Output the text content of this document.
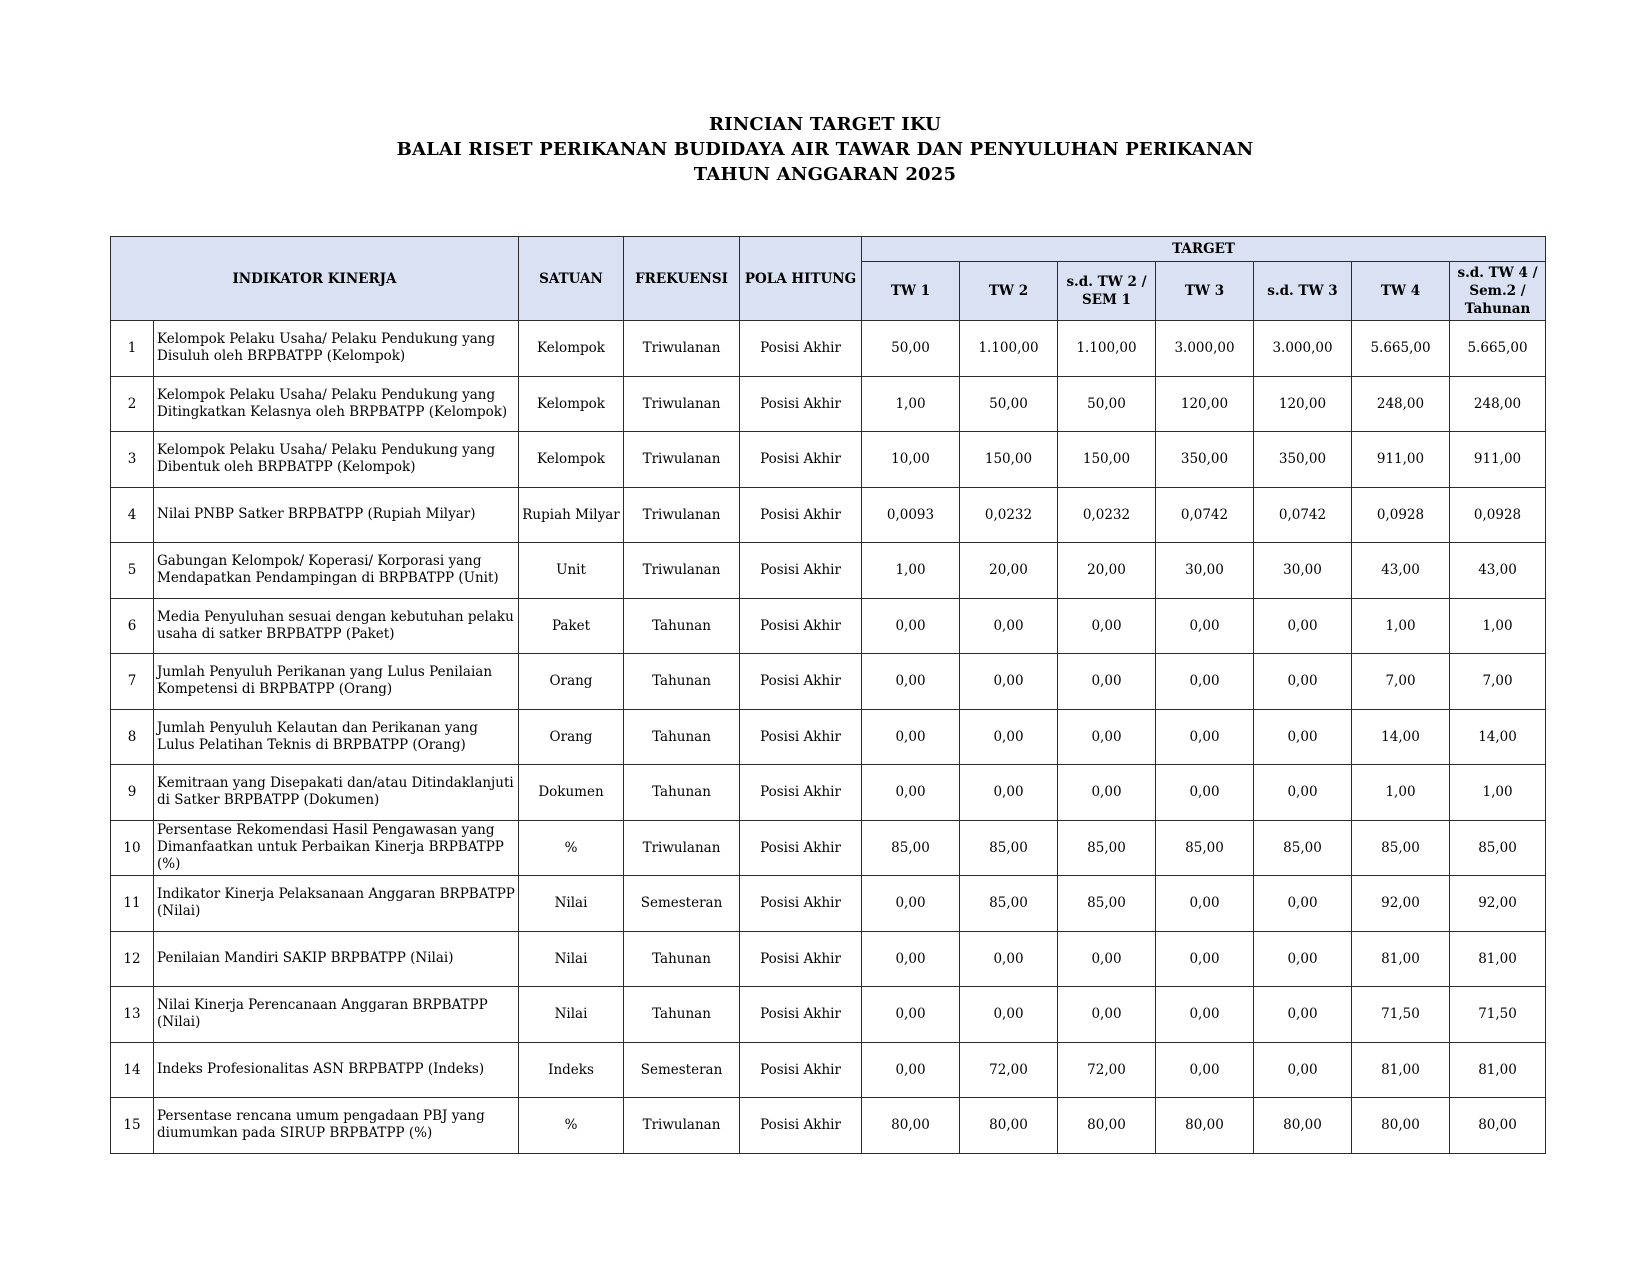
RINCIAN TARGET IKU
BALAI RISET PERIKANAN BUDIDAYA AIR TAWAR DAN PENYULUHAN PERIKANAN
TAHUN ANGGARAN 2025
INDIKATOR KINERJA		SATUAN	FREKUENSI	POLA HITUNG	TARGET						
					TW 1	TW 2	s.d. TW 2 / SEM 1	TW 3	s.d. TW 3	TW 4	s.d. TW 4 / Sem.2 / Tahunan
1	Kelompok Pelaku Usaha/ Pelaku Pendukung yang Disuluh oleh BRPBATPP (Kelompok)	Kelompok	Triwulanan	Posisi Akhir	50,00	1.100,00	1.100,00	3.000,00	3.000,00	5.665,00	5.665,00
2	Kelompok Pelaku Usaha/ Pelaku Pendukung yang Ditingkatkan Kelasnya oleh BRPBATPP (Kelompok)	Kelompok	Triwulanan	Posisi Akhir	1,00	50,00	50,00	120,00	120,00	248,00	248,00
3	Kelompok Pelaku Usaha/ Pelaku Pendukung yang Dibentuk oleh BRPBATPP (Kelompok)	Kelompok	Triwulanan	Posisi Akhir	10,00	150,00	150,00	350,00	350,00	911,00	911,00
4	Nilai PNBP Satker BRPBATPP (Rupiah Milyar)	Rupiah Milyar	Triwulanan	Posisi Akhir	0,0093	0,0232	0,0232	0,0742	0,0742	0,0928	0,0928
5	Gabungan Kelompok/ Koperasi/ Korporasi yang Mendapatkan Pendampingan di BRPBATPP (Unit)	Unit	Triwulanan	Posisi Akhir	1,00	20,00	20,00	30,00	30,00	43,00	43,00
6	Media Penyuluhan sesuai dengan kebutuhan pelaku usaha di satker BRPBATPP (Paket)	Paket	Tahunan	Posisi Akhir	0,00	0,00	0,00	0,00	0,00	1,00	1,00
7	Jumlah Penyuluh Perikanan yang Lulus Penilaian Kompetensi di BRPBATPP (Orang)	Orang	Tahunan	Posisi Akhir	0,00	0,00	0,00	0,00	0,00	7,00	7,00
8	Jumlah Penyuluh Kelautan dan Perikanan yang Lulus Pelatihan Teknis di BRPBATPP (Orang)	Orang	Tahunan	Posisi Akhir	0,00	0,00	0,00	0,00	0,00	14,00	14,00
9	Kemitraan yang Disepakati dan/atau Ditindaklanjuti di Satker BRPBATPP (Dokumen)	Dokumen	Tahunan	Posisi Akhir	0,00	0,00	0,00	0,00	0,00	1,00	1,00
10	Persentase Rekomendasi Hasil Pengawasan yang Dimanfaatkan untuk Perbaikan Kinerja BRPBATPP (%)	%	Triwulanan	Posisi Akhir	85,00	85,00	85,00	85,00	85,00	85,00	85,00
11	Indikator Kinerja Pelaksanaan Anggaran BRPBATPP (Nilai)	Nilai	Semesteran	Posisi Akhir	0,00	85,00	85,00	0,00	0,00	92,00	92,00
12	Penilaian Mandiri SAKIP BRPBATPP (Nilai)	Nilai	Tahunan	Posisi Akhir	0,00	0,00	0,00	0,00	0,00	81,00	81,00
13	Nilai Kinerja Perencanaan Anggaran BRPBATPP (Nilai)	Nilai	Tahunan	Posisi Akhir	0,00	0,00	0,00	0,00	0,00	71,50	71,50
14	Indeks Profesionalitas ASN BRPBATPP (Indeks)	Indeks	Semesteran	Posisi Akhir	0,00	72,00	72,00	0,00	0,00	81,00	81,00
15	Persentase rencana umum pengadaan PBJ yang diumumkan pada SIRUP BRPBATPP (%)	%	Triwulanan	Posisi Akhir	80,00	80,00	80,00	80,00	80,00	80,00	80,00
